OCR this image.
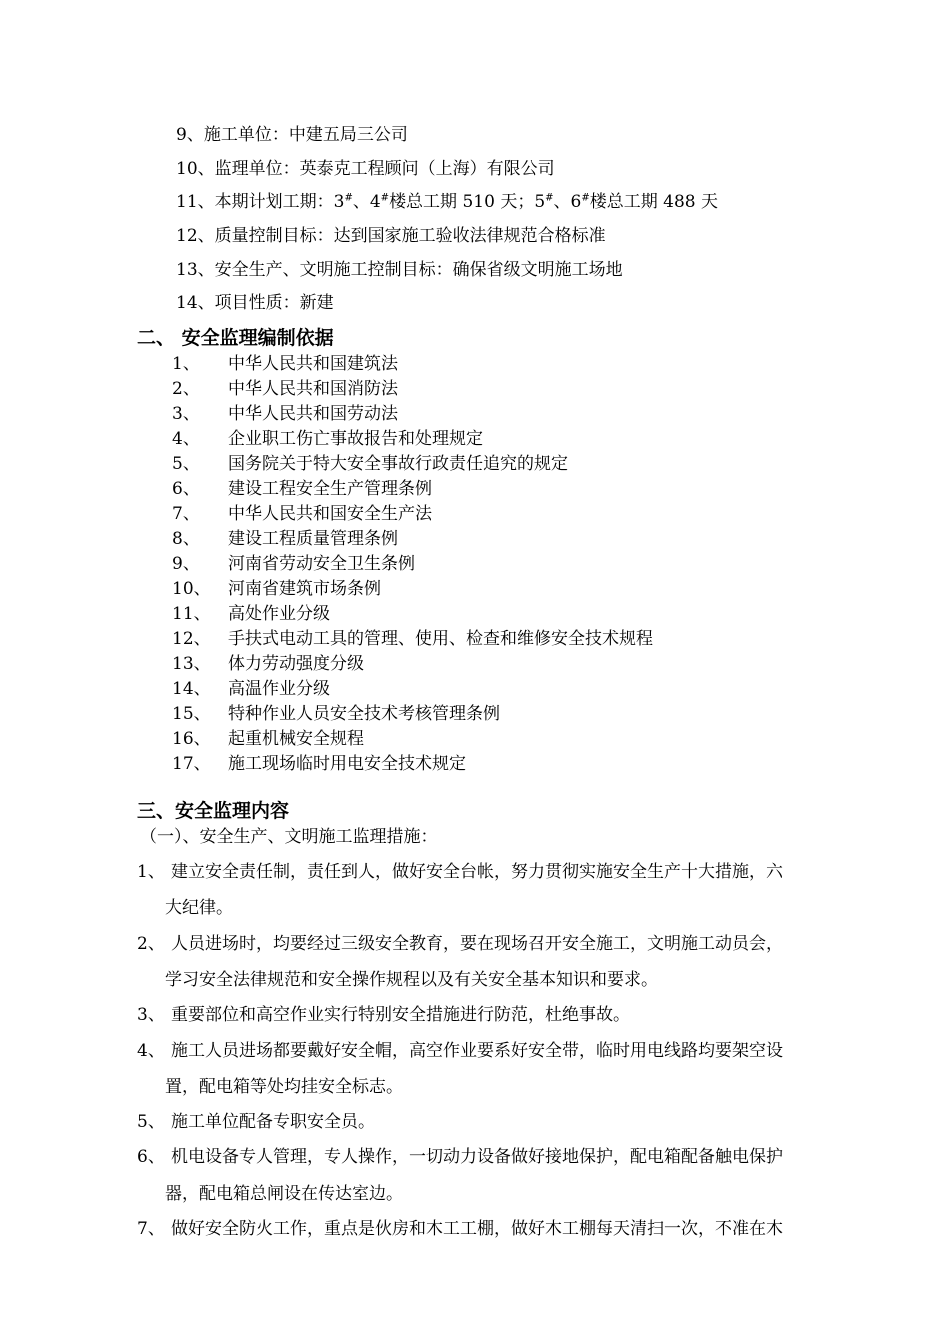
9、施工单位：中建五局三公司
10、监理单位：英泰克工程顾问（上海）有限公司
11、本期计划工期：3#、4#楼总工期 510 天；5#、6#楼总工期 488 天
12、质量控制目标：达到国家施工验收法律规范合格标准
13、安全生产、文明施工控制目标：确保省级文明施工场地
14、项目性质：新建
二、 安全监理编制依据
1、 中华人民共和国建筑法
2、 中华人民共和国消防法
3、 中华人民共和国劳动法
4、 企业职工伤亡事故报告和处理规定
5、 国务院关于特大安全事故行政责任追究的规定
6、 建设工程安全生产管理条例
7、 中华人民共和国安全生产法
8、 建设工程质量管理条例
9、 河南省劳动安全卫生条例
10、 河南省建筑市场条例
11、 高处作业分级
12、 手扶式电动工具的管理、使用、检查和维修安全技术规程
13、 体力劳动强度分级
14、 高温作业分级
15、 特种作业人员安全技术考核管理条例
16、 起重机械安全规程
17、 施工现场临时用电安全技术规定
三、安全监理内容
（一）、安全生产、文明施工监理措施：
1、 建立安全责任制，责任到人，做好安全台帐，努力贯彻实施安全生产十大措施，六
大纪律。
2、 人员进场时，均要经过三级安全教育，要在现场召开安全施工，文明施工动员会，
学习安全法律规范和安全操作规程以及有关安全基本知识和要求。
3、 重要部位和高空作业实行特别安全措施进行防范，杜绝事故。
4、 施工人员进场都要戴好安全帽，高空作业要系好安全带，临时用电线路均要架空设
置，配电箱等处均挂安全标志。
5、 施工单位配备专职安全员。
6、 机电设备专人管理，专人操作，一切动力设备做好接地保护，配电箱配备触电保护
器，配电箱总闸设在传达室边。
7、 做好安全防火工作，重点是伙房和木工工棚，做好木工棚每天清扫一次，不准在木
